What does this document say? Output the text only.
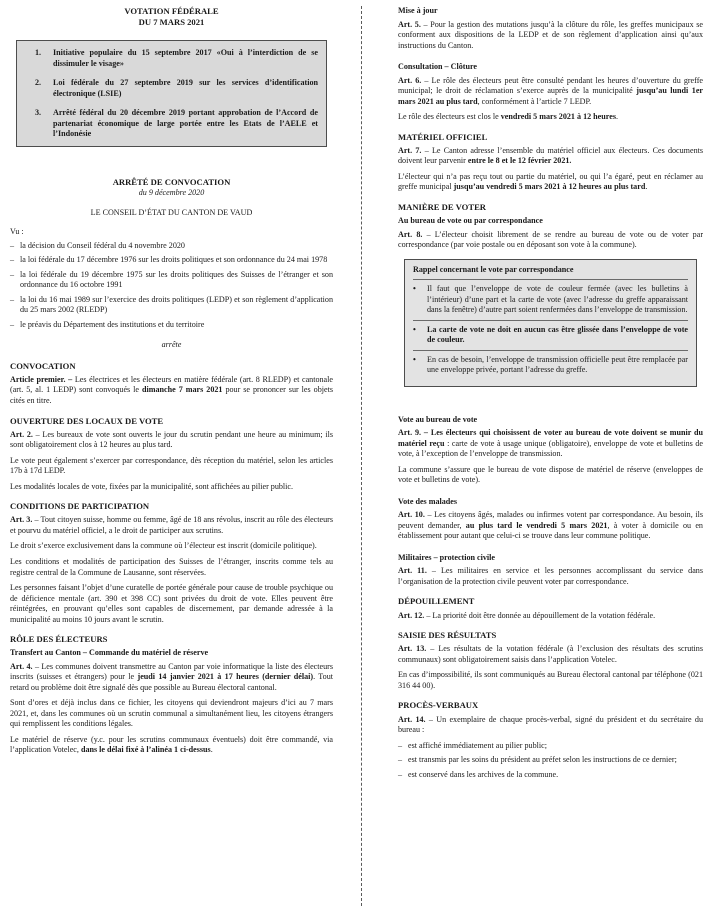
VOTATION FÉDÉRALE
DU 7 MARS 2021
1.	Initiative populaire du 15 septembre 2017 «Oui à l’interdiction de se dissimuler le visage»
2.	Loi fédérale du 27 septembre 2019 sur les services d’identification électronique (LSIE)
3.	Arrêté fédéral du 20 décembre 2019 portant approbation de l’Accord de partenariat économique de large portée entre les Etats de l’AELE et l’Indonésie
ARRÊTÉ DE CONVOCATION
du 9 décembre 2020
LE CONSEIL D’ÉTAT DU CANTON DE VAUD
Vu :
– la décision du Conseil fédéral du 4 novembre 2020
– la loi fédérale du 17 décembre 1976 sur les droits politiques et son ordonnance du 24 mai 1978
– la loi fédérale du 19 décembre 1975 sur les droits politiques des Suisses de l’étranger et son ordonnance du 16 octobre 1991
– la loi du 16 mai 1989 sur l’exercice des droits politiques (LEDP) et son règlement d’application du 25 mars 2002 (RLEDP)
– le préavis du Département des institutions et du territoire
arrête
CONVOCATION
Article premier. – Les électrices et les électeurs en matière fédérale (art. 8 RLEDP) et cantonale (art. 5, al. 1 LEDP) sont convoqués le dimanche 7 mars 2021 pour se prononcer sur les objets cités en titre.
OUVERTURE DES LOCAUX DE VOTE
Art. 2. – Les bureaux de vote sont ouverts le jour du scrutin pendant une heure au minimum; ils sont obligatoirement clos à 12 heures au plus tard.
Le vote peut également s’exercer par correspondance, dès réception du matériel, selon les articles 17b à 17d LEDP.
Les modalités locales de vote, fixées par la municipalité, sont affichées au pilier public.
CONDITIONS DE PARTICIPATION
Art. 3. – Tout citoyen suisse, homme ou femme, âgé de 18 ans révolus, inscrit au rôle des électeurs et pourvu du matériel officiel, a le droit de participer aux scrutins.
Le droit s’exerce exclusivement dans la commune où l’électeur est inscrit (domicile politique).
Les conditions et modalités de participation des Suisses de l’étranger, inscrits comme tels au registre central de la Commune de Lausanne, sont réservées.
Les personnes faisant l’objet d’une curatelle de portée générale pour cause de trouble psychique ou de déficience mentale (art. 390 et 398 CC) sont privées du droit de vote. Elles peuvent être réintégrées, en prouvant qu’elles sont capables de discernement, par demande adressée à la municipalité au moins 10 jours avant le scrutin.
RÔLE DES ÉLECTEURS
Transfert au Canton – Commande du matériel de réserve
Art. 4. – Les communes doivent transmettre au Canton par voie informatique la liste des électeurs inscrits (suisses et étrangers) pour le jeudi 14 janvier 2021 à 17 heures (dernier délai). Tout retard ou problème doit être signalé dès que possible au Bureau électoral cantonal.
Sont d’ores et déjà inclus dans ce fichier, les citoyens qui deviendront majeurs d’ici au 7 mars 2021, et, dans les communes où un scrutin communal a simultanément lieu, les citoyens étrangers qui remplissent les conditions légales.
Le matériel de réserve (y.c. pour les scrutins communaux éventuels) doit être commandé, via l’application Votelec, dans le délai fixé à l’alinéa 1 ci-dessus.
Mise à jour
Art. 5. – Pour la gestion des mutations jusqu’à la clôture du rôle, les greffes municipaux se conforment aux dispositions de la LEDP et de son règlement d’application ainsi qu’aux instructions du Canton.
Consultation – Clôture
Art. 6. – Le rôle des électeurs peut être consulté pendant les heures d’ouverture du greffe municipal; le droit de réclamation s’exerce auprès de la municipalité jusqu’au lundi 1er mars 2021 au plus tard, conformément à l’article 7 LEDP.
Le rôle des électeurs est clos le vendredi 5 mars 2021 à 12 heures.
MATÉRIEL OFFICIEL
Art. 7. – Le Canton adresse l’ensemble du matériel officiel aux électeurs. Ces documents doivent leur parvenir entre le 8 et le 12 février 2021.
L’électeur qui n’a pas reçu tout ou partie du matériel, ou qui l’a égaré, peut en réclamer au greffe municipal jusqu’au vendredi 5 mars 2021 à 12 heures au plus tard.
MANIÈRE DE VOTER
Au bureau de vote ou par correspondance
Art. 8. – L’électeur choisit librement de se rendre au bureau de vote ou de voter par correspondance (par voie postale ou en déposant son vote à la commune).
Rappel concernant le vote par correspondance
•	Il faut que l’enveloppe de vote de couleur fermée (avec les bulletins à l’intérieur) d’une part et la carte de vote (avec l’adresse du greffe apparaissant dans la fenêtre) d’autre part soient renfermées dans l’enveloppe de transmission.
•	La carte de vote ne doit en aucun cas être glissée dans l’enveloppe de vote de couleur.
•	En cas de besoin, l’enveloppe de transmission officielle peut être remplacée par une enveloppe privée, portant l’adresse du greffe.
Vote au bureau de vote
Art. 9. – Les électeurs qui choisissent de voter au bureau de vote doivent se munir du matériel reçu : carte de vote à usage unique (obligatoire), enveloppe de vote et bulletins de vote, à l’exception de l’enveloppe de transmission.
La commune s’assure que le bureau de vote dispose de matériel de réserve (enveloppes de vote et bulletins de vote).
Vote des malades
Art. 10. – Les citoyens âgés, malades ou infirmes votent par correspondance. Au besoin, ils peuvent demander, au plus tard le vendredi 5 mars 2021, à voter à domicile ou en établissement pour autant que celui-ci se trouve dans leur commune politique.
Militaires – protection civile
Art. 11. – Les militaires en service et les personnes accomplissant du service dans l’organisation de la protection civile peuvent voter par correspondance.
DÉPOUILLEMENT
Art. 12. – La priorité doit être donnée au dépouillement de la votation fédérale.
SAISIE DES RÉSULTATS
Art. 13. – Les résultats de la votation fédérale (à l’exclusion des résultats des scrutins communaux) sont obligatoirement saisis dans l’application Votelec.
En cas d’impossibilité, ils sont communiqués au Bureau électoral cantonal par téléphone (021 316 44 00).
PROCÈS-VERBAUX
Art. 14. – Un exemplaire de chaque procès-verbal, signé du président et du secrétaire du bureau :
– est affiché immédiatement au pilier public;
– est transmis par les soins du président au préfet selon les instructions de ce dernier;
– est conservé dans les archives de la commune.
